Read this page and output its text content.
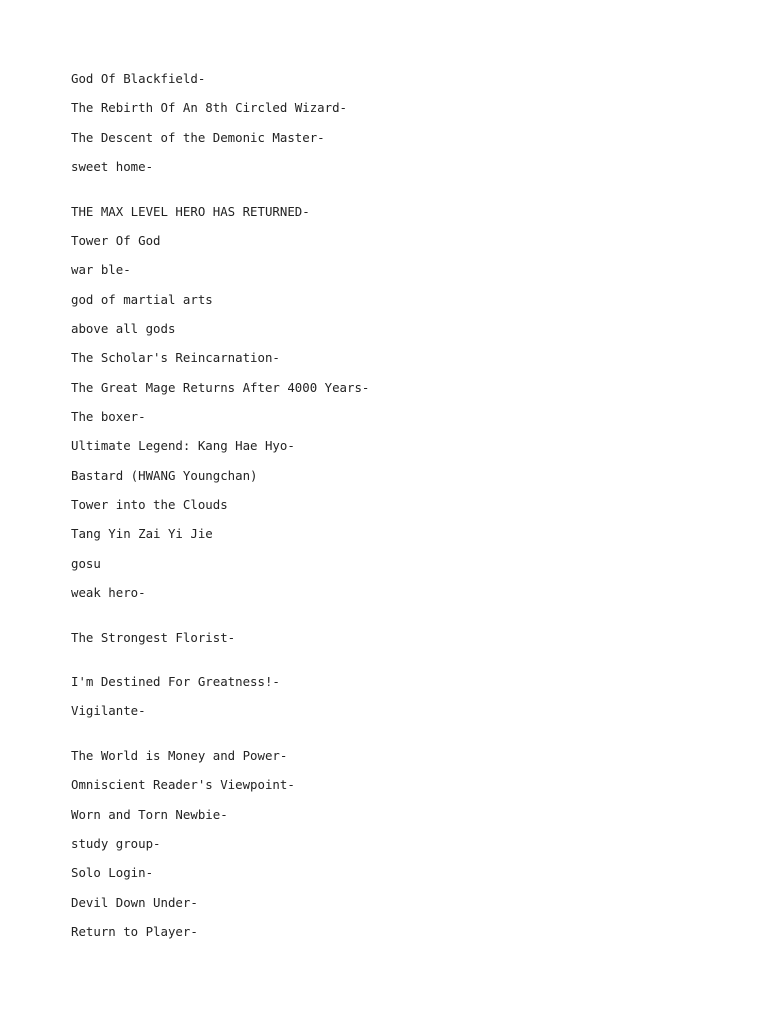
God Of Blackfield-
The Rebirth Of An 8th Circled Wizard-
The Descent of the Demonic Master-
sweet home-
THE MAX LEVEL HERO HAS RETURNED-
Tower Of God
war ble-
god of martial arts
above all gods
The Scholar's Reincarnation-
The Great Mage Returns After 4000 Years-
The boxer-
Ultimate Legend: Kang Hae Hyo-
Bastard (HWANG Youngchan)
Tower into the Clouds
Tang Yin Zai Yi Jie
gosu
weak hero-
The Strongest Florist-
I'm Destined For Greatness!-
Vigilante-
The World is Money and Power-
Omniscient Reader's Viewpoint-
Worn and Torn Newbie-
study group-
Solo Login-
Devil Down Under-
Return to Player-
